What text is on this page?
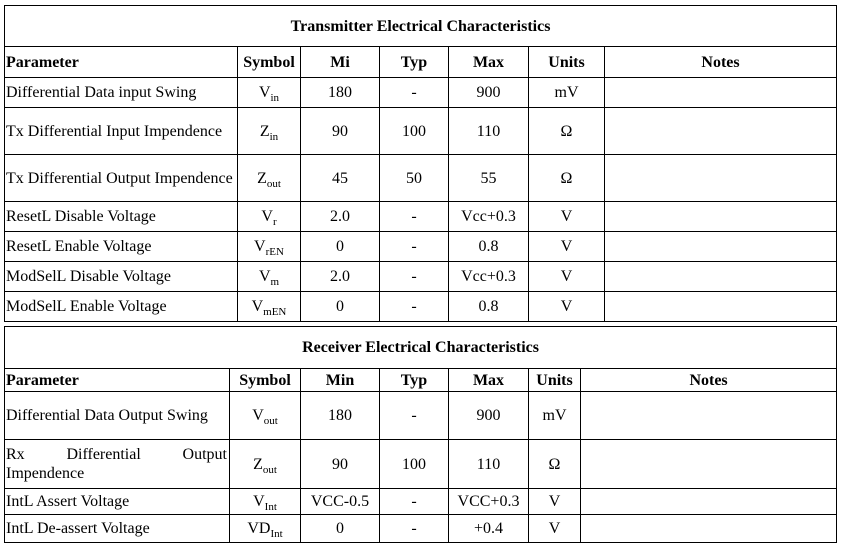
Transmitter Electrical Characteristics						
Parameter	Symbol	Mi	Typ	Max	Units	Notes
Differential Data input Swing	$V_{in}$	180	-	900	mV	

Tx Differential Input Impendence	$Z_{in}$	90	100	110	Ω	

Tx Differential Output Impendence	$Z_{out}$	45	50	55	Ω	
ResetL Disable Voltage	$V_r$	2.0	-	Vcc+0.3	V	
ResetL Enable Voltage	$V_{rEN}$	0	-	0.8	V	
ModSelL Disable Voltage	$V_m$	2.0	-	Vcc+0.3	V	
ModSelL Enable Voltage	$V_{mEN}$	0	-	0.8	V	
Receiver Electrical Characteristics						
Parameter	Symbol	Min	Typ	Max	Units	Notes

Differential Data Output Swing	$V_{out}$	180	-	900	mV	

Rx Differential Output Impendence	$Z_{out}$	90	100	110	Ω	
IntL Assert Voltage	$V_{Int}$	VCC-0.5	-	VCC+0.3	V	
IntL De-assert Voltage	$VD_{Int}$	0	-	+0.4	V	
